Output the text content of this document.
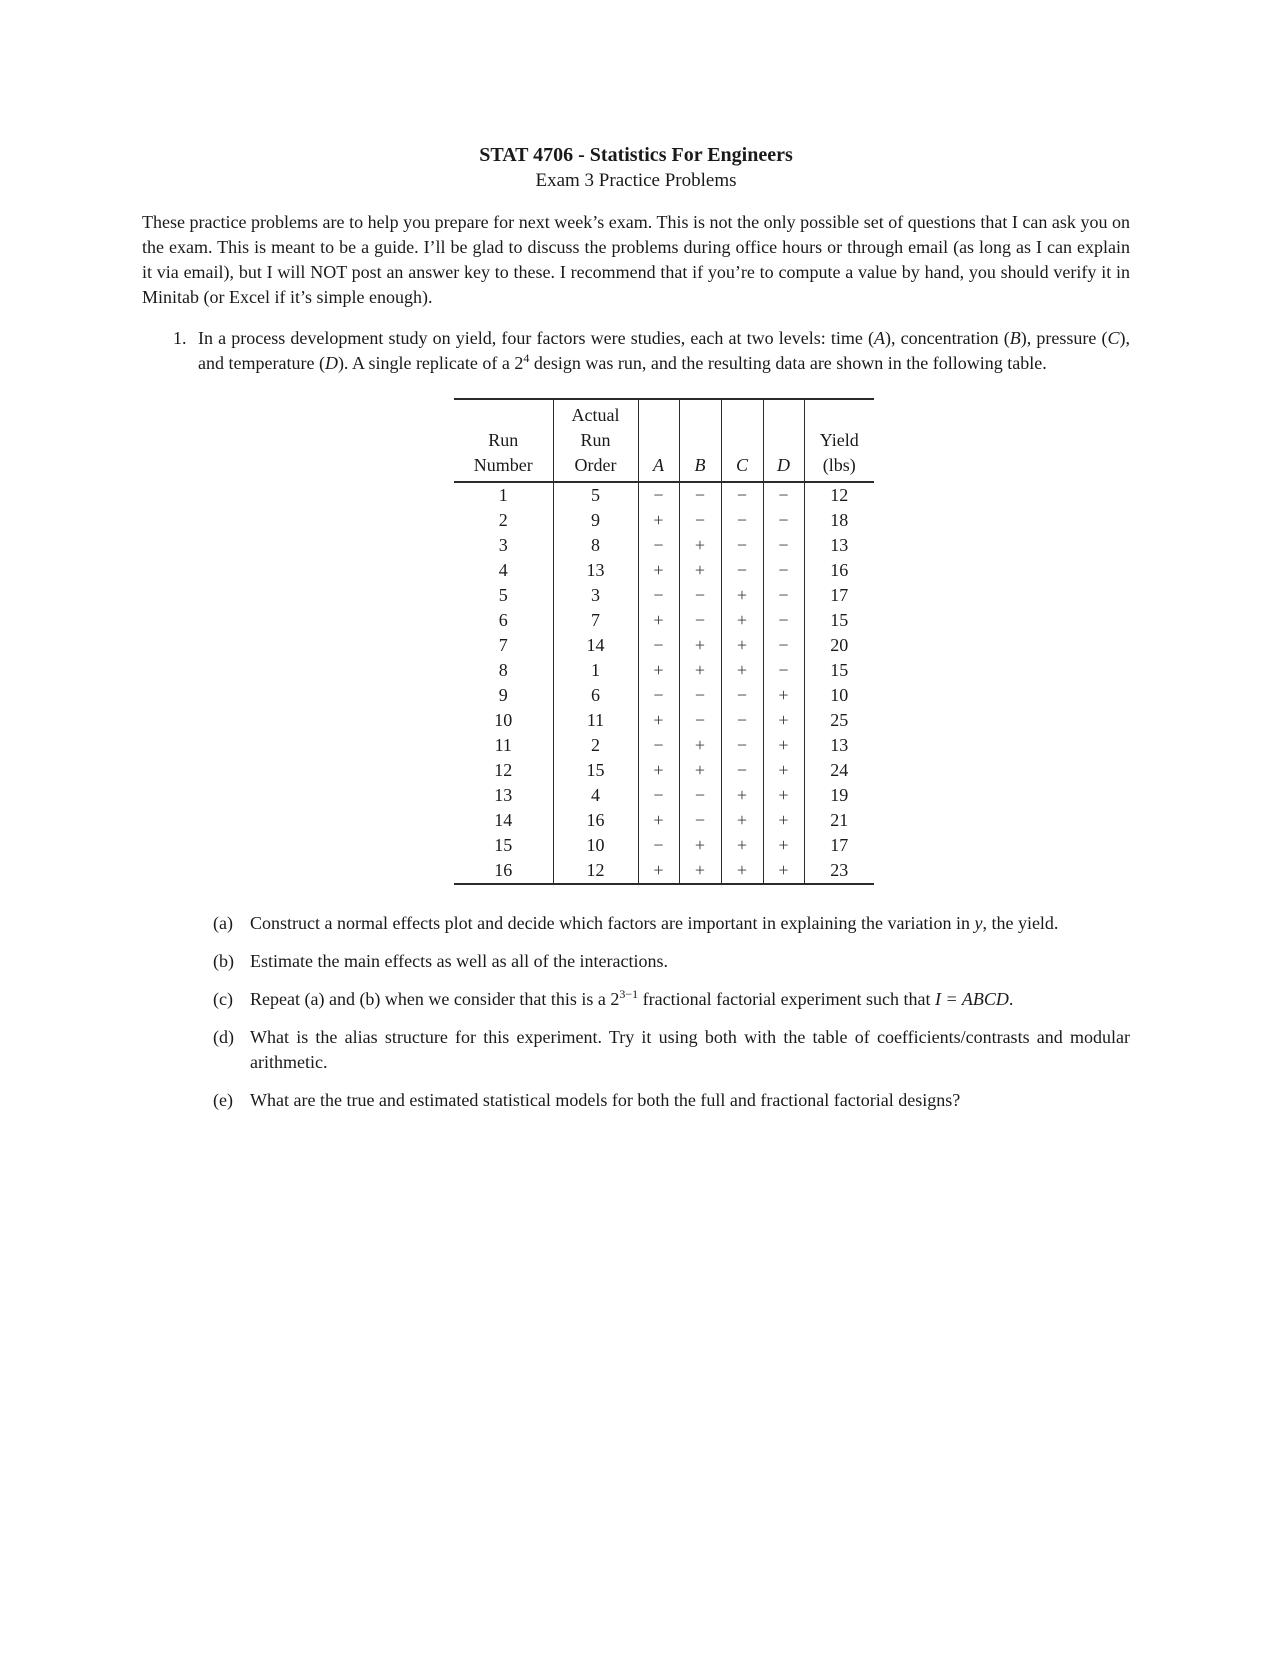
STAT 4706 - Statistics For Engineers
Exam 3 Practice Problems

These practice problems are to help you prepare for next week’s exam. This is not the only possible set of questions that I can ask you on the exam. This is meant to be a guide. I’ll be glad to discuss the problems during office hours or through email (as long as I can explain it via email), but I will NOT post an answer key to these. I recommend that if you’re to compute a value by hand, you should verify it in Minitab (or Excel if it’s simple enough).

1. In a process development study on yield, four factors were studies, each at two levels: time (A), concentration (B), pressure (C), and temperature (D). A single replicate of a $2^4$ design was run, and the resulting data are shown in the following table.

Run
Number

Actual
Run
Order	A	B	C	D

Yield
(lbs)

1	5	−	−	−	−	12
2	9	+	−	−	−	18
3	8	−	+	−	−	13
4	13	+	+	−	−	16
5	3	−	−	+	−	17
6	7	+	−	+	−	15
7	14	−	+	+	−	20
8	1	+	+	+	−	15
9	6	−	−	−	+	10
10	11	+	−	−	+	25
11	2	−	+	−	+	13
12	15	+	+	−	+	24
13	4	−	−	+	+	19
14	16	+	−	+	+	21
15	10	−	+	+	+	17
16	12	+	+	+	+	23
(a) Construct a normal effects plot and decide which factors are important in explaining the variation in y, the yield.
(b) Estimate the main effects as well as all of the interactions.
(c) Repeat (a) and (b) when we consider that this is a $2^{3-1}$ fractional factorial experiment such that I = ABCD.
(d) What is the alias structure for this experiment. Try it using both with the table of coefficients/contrasts and modular arithmetic.
(e) What are the true and estimated statistical models for both the full and fractional factorial designs?
